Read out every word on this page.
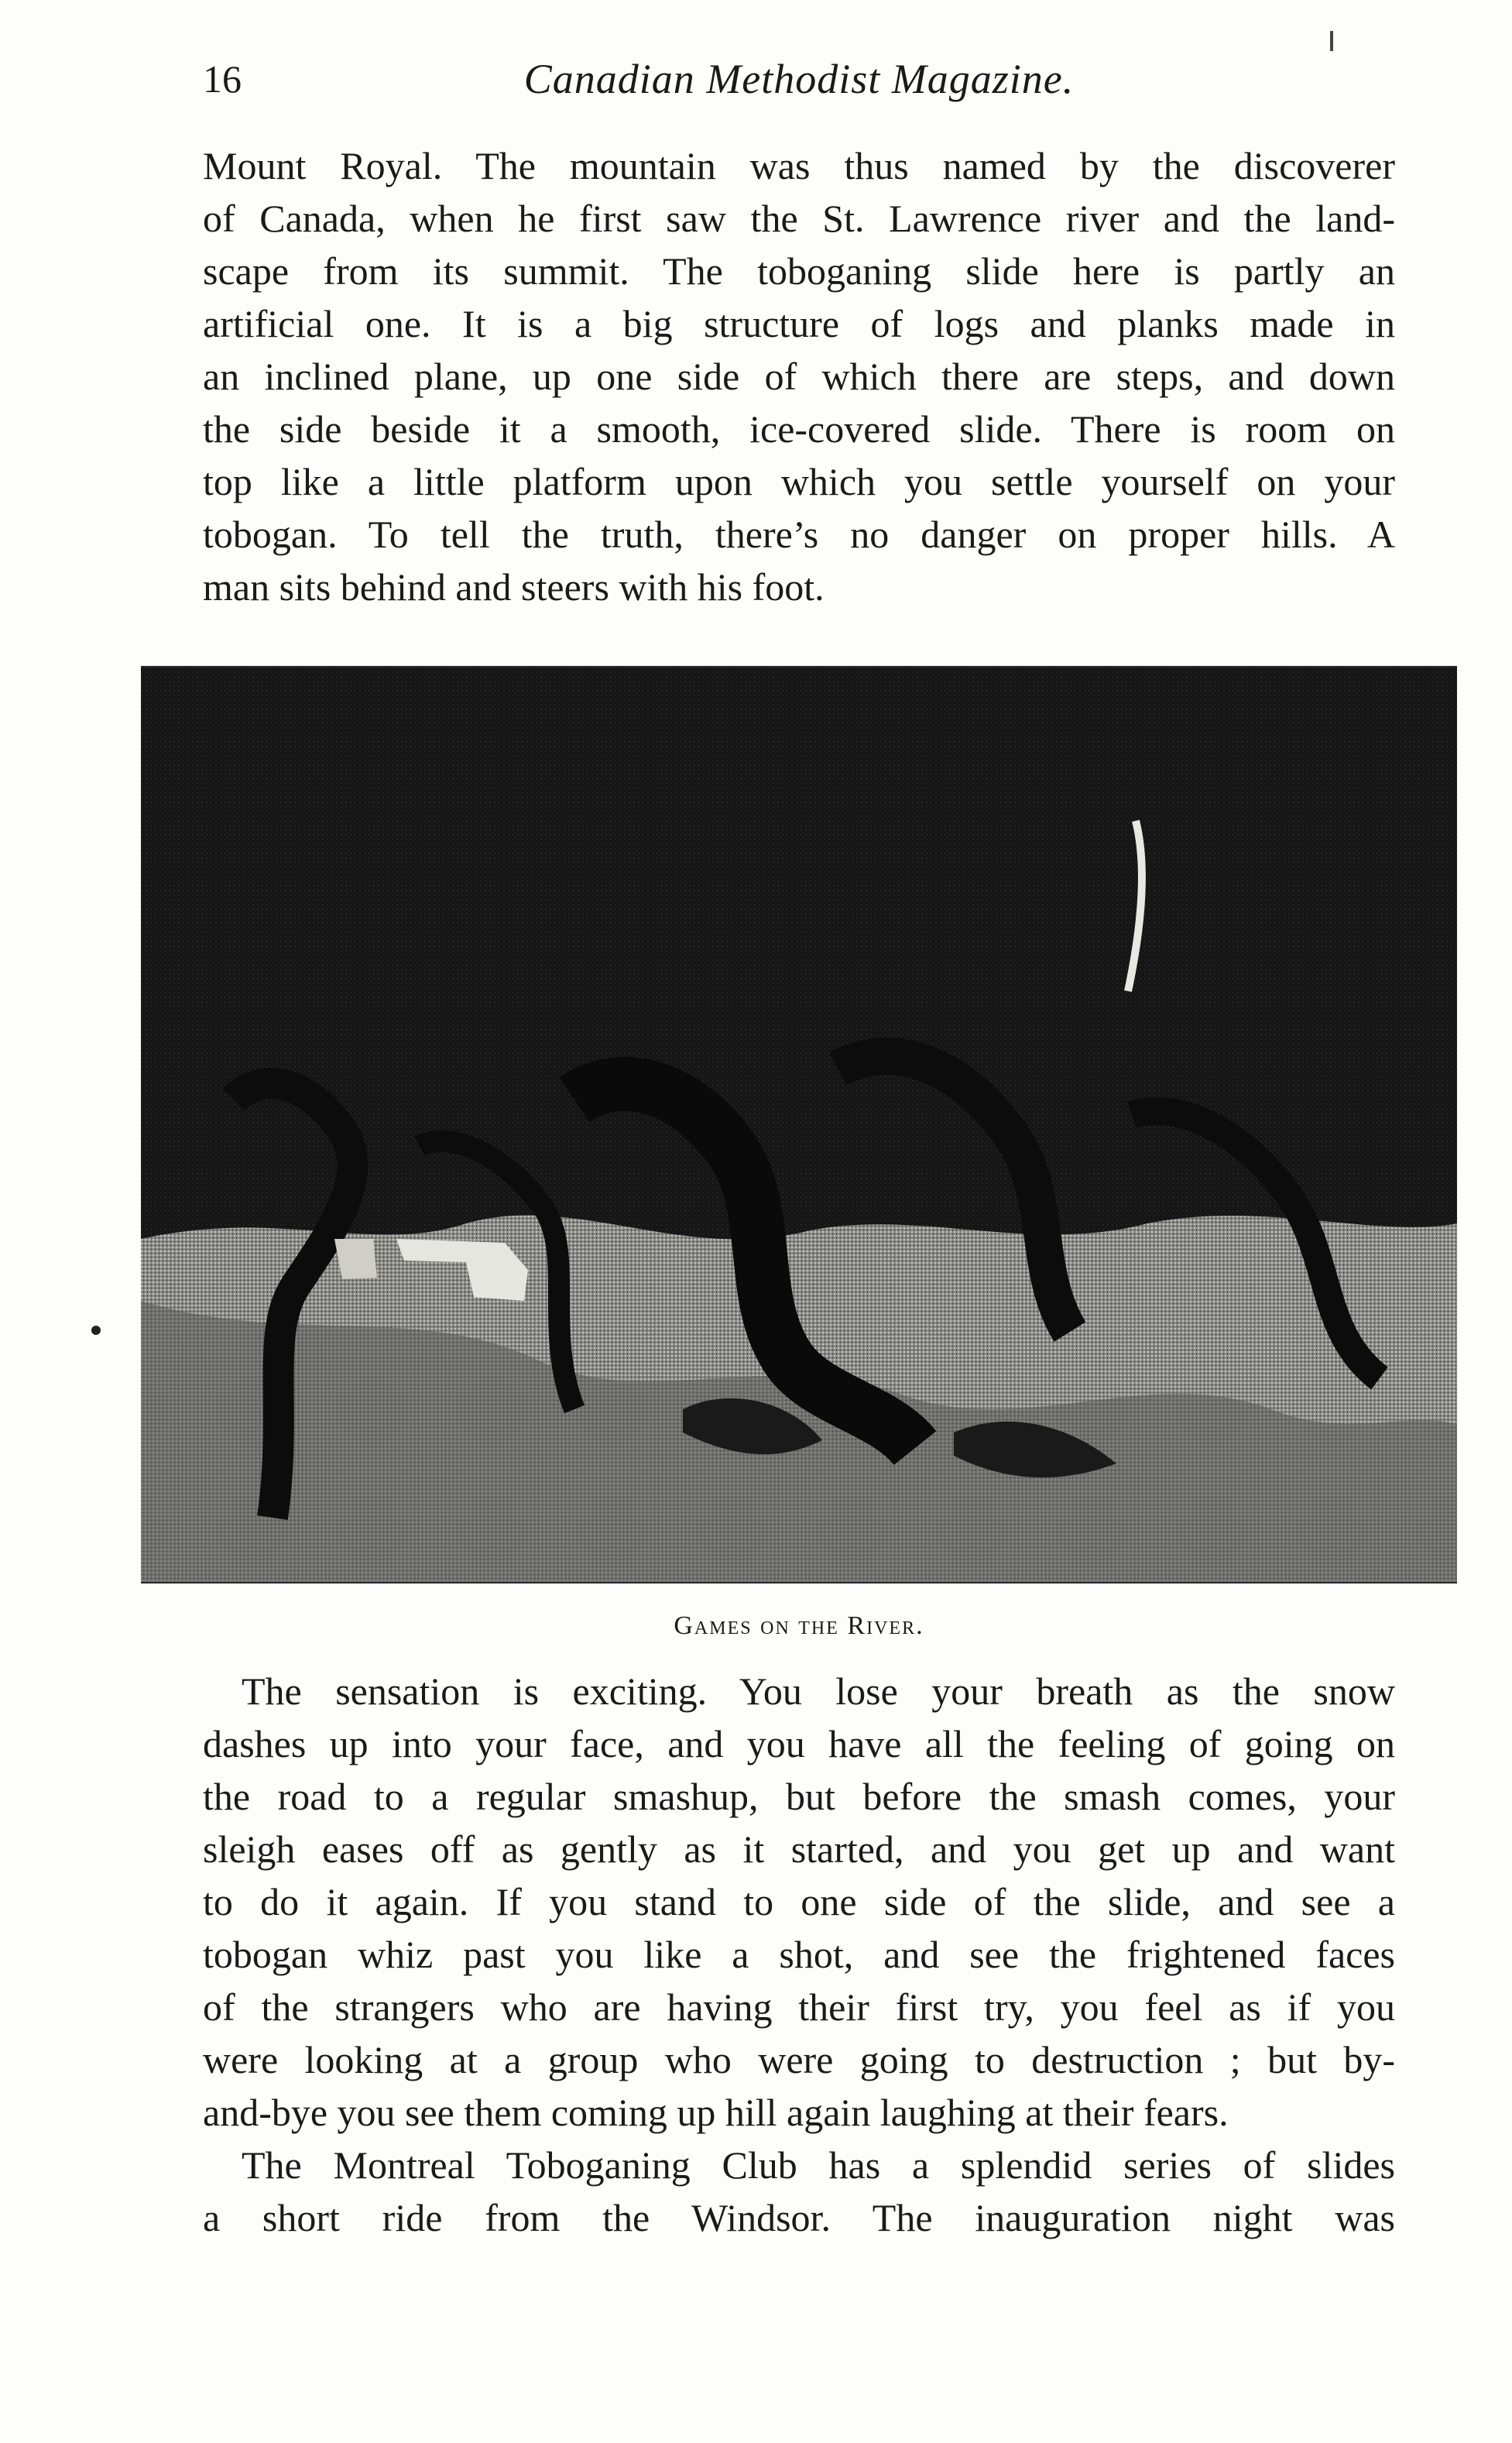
16	Canadian Methodist Magazine.
Mount Royal. The mountain was thus named by the discoverer
of Canada, when he first saw the St. Lawrence river and the land-
scape from its summit. The toboganing slide here is partly an
artificial one. It is a big structure of logs and planks made in
an inclined plane, up one side of which there are steps, and down
the side beside it a smooth, ice-covered slide. There is room on
top like a little platform upon which you settle yourself on your
tobogan. To tell the truth, there’s no danger on proper hills. A
man sits behind and steers with his foot.
Games on the River.
The sensation is exciting. You lose your breath as the snow
dashes up into your face, and you have all the feeling of going on
the road to a regular smashup, but before the smash comes, your
sleigh eases off as gently as it started, and you get up and want
to do it again. If you stand to one side of the slide, and see a
tobogan whiz past you like a shot, and see the frightened faces
of the strangers who are having their first try, you feel as if you
were looking at a group who were going to destruction ; but by-
and-bye you see them coming up hill again laughing at their fears.
The Montreal Toboganing Club has a splendid series of slides
a short ride from the Windsor. The inauguration night was
